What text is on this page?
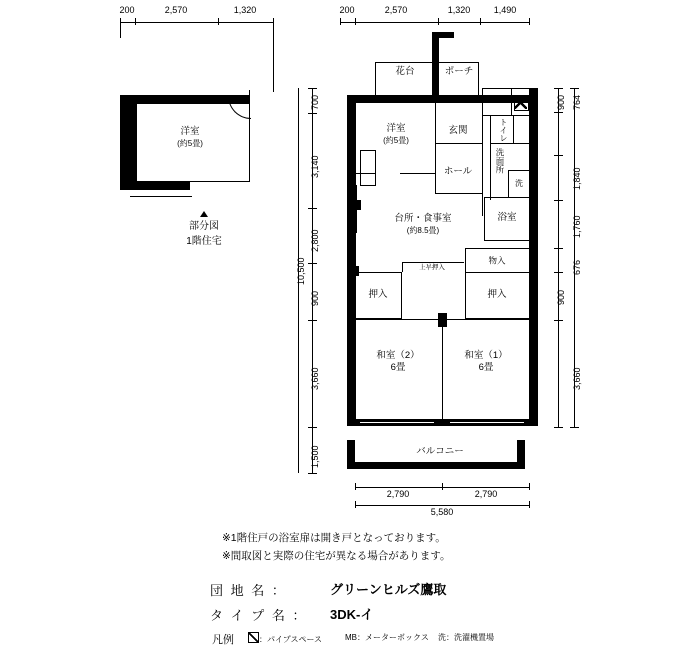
200	2,570	1,320
洋室
(約5畳)
部分図
1階住宅
200	2,570	1,320	1,490
700
3,140
2,800
900
3,660
1,500
10,500
900 764
1,840
1,760
676
900
3,660
2,790	2,790
5,580
花台	ポーチ
MB
洋室
(約5畳)
玄関	トイレ
ホール	洗面所
洗
浴室
台所・食事室
(約8.5畳)
物入
押入
上부押入
押入
和室（2）
6畳
和室（1）
6畳
バルコニー
※1階住戸の浴室扉は開き戸となっております。
※間取図と実際の住宅が異なる場合があります。
団 地 名 ：	グリーンヒルズ鷹取
タ イ プ 名 ： 3DK-イ
凡例	：パイプスペース	MB：メーターボックス 洗：洗濯機置場
